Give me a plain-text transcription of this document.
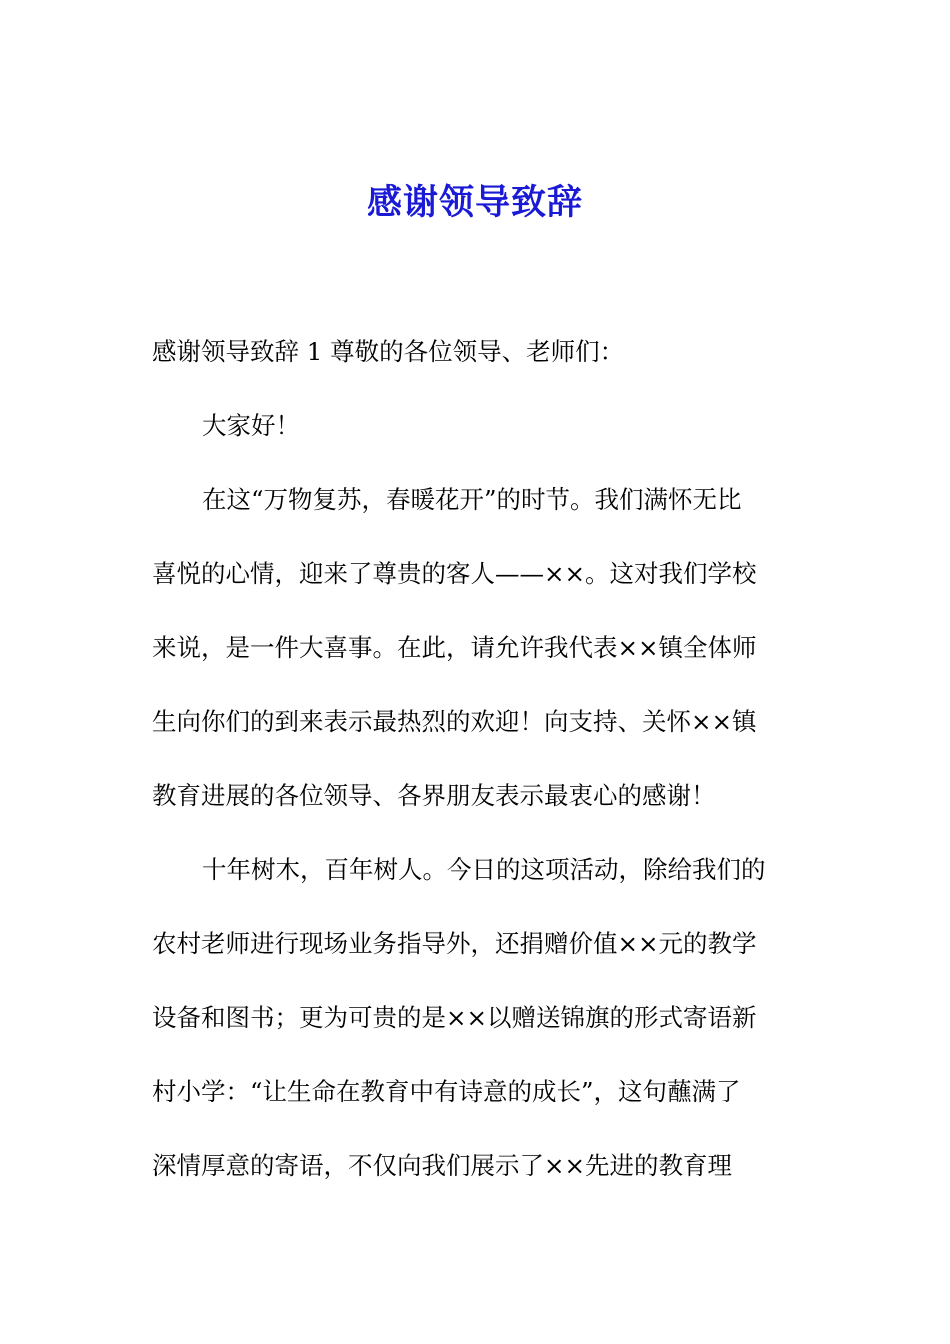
感谢领导致辞
感谢领导致辞 1 尊敬的各位领导、老师们：
大家好！
在这“万物复苏，春暖花开”的时节。我们满怀无比
喜悦的心情，迎来了尊贵的客人——××。这对我们学校
来说，是一件大喜事。在此，请允许我代表××镇全体师
生向你们的到来表示最热烈的欢迎！向支持、关怀××镇
教育进展的各位领导、各界朋友表示最衷心的感谢！
十年树木，百年树人。今日的这项活动，除给我们的
农村老师进行现场业务指导外，还捐赠价值××元的教学
设备和图书；更为可贵的是××以赠送锦旗的形式寄语新
村小学：“让生命在教育中有诗意的成长”，这句蘸满了
深情厚意的寄语，不仅向我们展示了××先进的教育理
